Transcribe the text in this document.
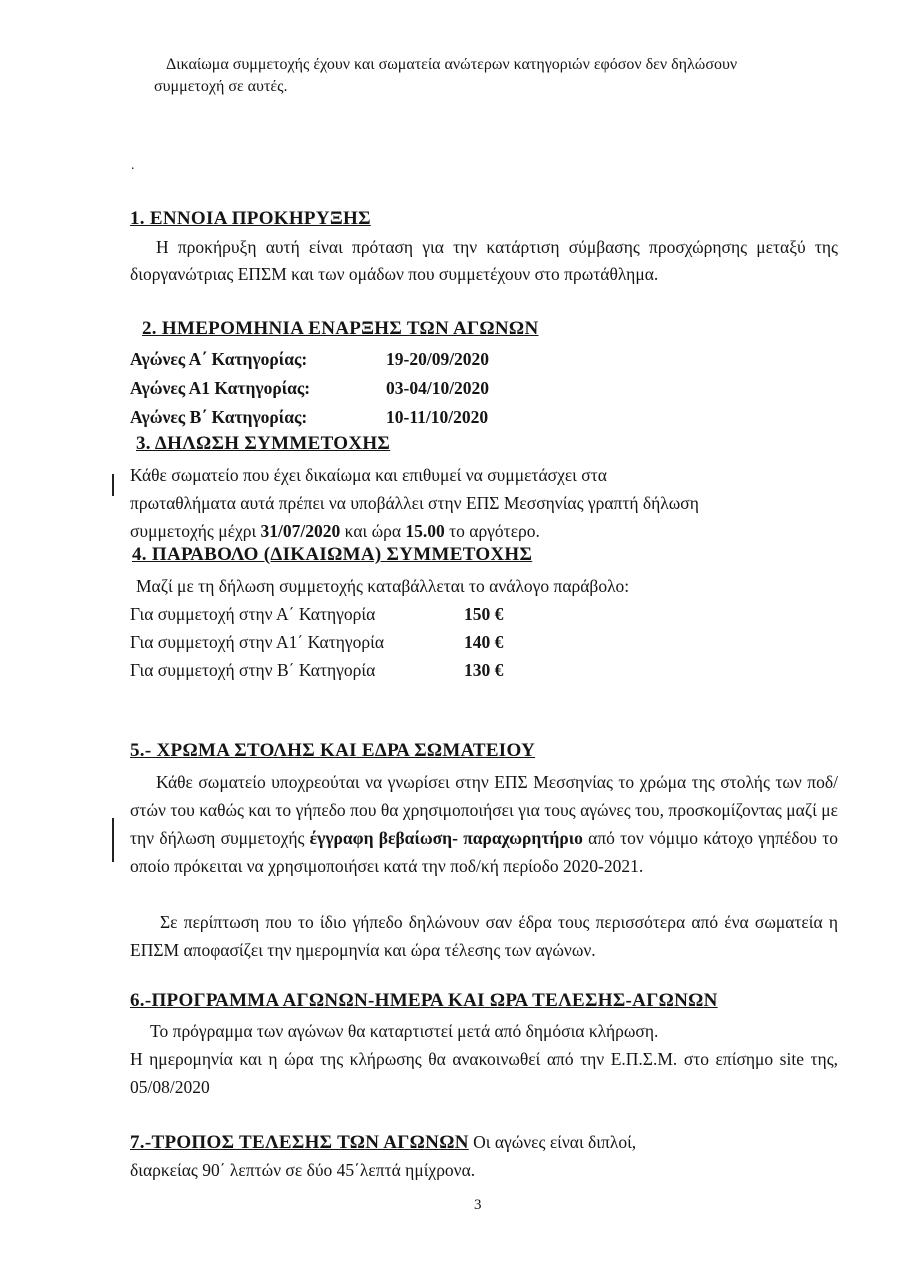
Δικαίωμα συμμετοχής έχουν και σωματεία ανώτερων κατηγοριών εφόσον δεν δηλώσουν
συμμετοχή σε αυτές.
.
1. ΕΝΝΟΙΑ ΠΡΟΚΗΡΥΞΗΣ
Η προκήρυξη αυτή είναι πρόταση για την κατάρτιση σύμβασης προσχώρησης μεταξύ της διοργανώτριας ΕΠΣΜ και των ομάδων που συμμετέχουν στο πρωτάθλημα.
2. ΗΜΕΡΟΜΗΝΙΑ ΕΝΑΡΞΗΣ ΤΩΝ ΑΓΩΝΩΝ
Αγώνες Α΄ Κατηγορίας:	19-20/09/2020
Αγώνες Α1 Κατηγορίας:	03-04/10/2020
Αγώνες Β΄ Κατηγορίας:	10-11/10/2020
3. ΔΗΛΩΣΗ ΣΥΜΜΕΤΟΧΗΣ
Κάθε σωματείο που έχει δικαίωμα και επιθυμεί να συμμετάσχει στα
πρωταθλήματα αυτά πρέπει να υποβάλλει στην ΕΠΣ Μεσσηνίας γραπτή δήλωση
συμμετοχής μέχρι 31/07/2020 και ώρα 15.00 το αργότερο.
4. ΠΑΡΑΒΟΛΟ (ΔΙΚΑΙΩΜΑ) ΣΥΜΜΕΤΟΧΗΣ
Μαζί με τη δήλωση συμμετοχής καταβάλλεται το ανάλογο παράβολο:
Για συμμετοχή στην Α΄ Κατηγορία	150 €
Για συμμετοχή στην Α1΄ Κατηγορία	140 €
Για συμμετοχή στην Β΄ Κατηγορία	130 €
5.- ΧΡΩΜΑ ΣΤΟΛΗΣ ΚΑΙ ΕΔΡΑ ΣΩΜΑΤΕΙΟΥ
Κάθε σωματείο υποχρεούται να γνωρίσει στην ΕΠΣ Μεσσηνίας το χρώμα της στολής των ποδ/στών του καθώς και το γήπεδο που θα χρησιμοποιήσει για τους αγώνες του, προσκομίζοντας μαζί με την δήλωση συμμετοχής έγγραφη βεβαίωση- παραχωρητήριο από τον νόμιμο κάτοχο γηπέδου το οποίο πρόκειται να χρησιμοποιήσει κατά την ποδ/κή περίοδο 2020-2021.
Σε περίπτωση που το ίδιο γήπεδο δηλώνουν σαν έδρα τους περισσότερα από ένα σωματεία η ΕΠΣΜ αποφασίζει την ημερομηνία και ώρα τέλεσης των αγώνων.
6.-ΠΡΟΓΡΑΜΜΑ ΑΓΩΝΩΝ-ΗΜΕΡΑ ΚΑΙ ΩΡΑ ΤΕΛΕΣΗΣ-ΑΓΩΝΩΝ
Το πρόγραμμα των αγώνων θα καταρτιστεί μετά από δημόσια κλήρωση.
Η ημερομηνία και η ώρα της κλήρωσης θα ανακοινωθεί από την Ε.Π.Σ.Μ. στο επίσημο site της, 05/08/2020
7.-ΤΡΟΠΟΣ ΤΕΛΕΣΗΣ ΤΩΝ ΑΓΩΝΩΝ Οι αγώνες είναι διπλοί,
διαρκείας 90΄ λεπτών σε δύο 45΄λεπτά ημίχρονα.
3
